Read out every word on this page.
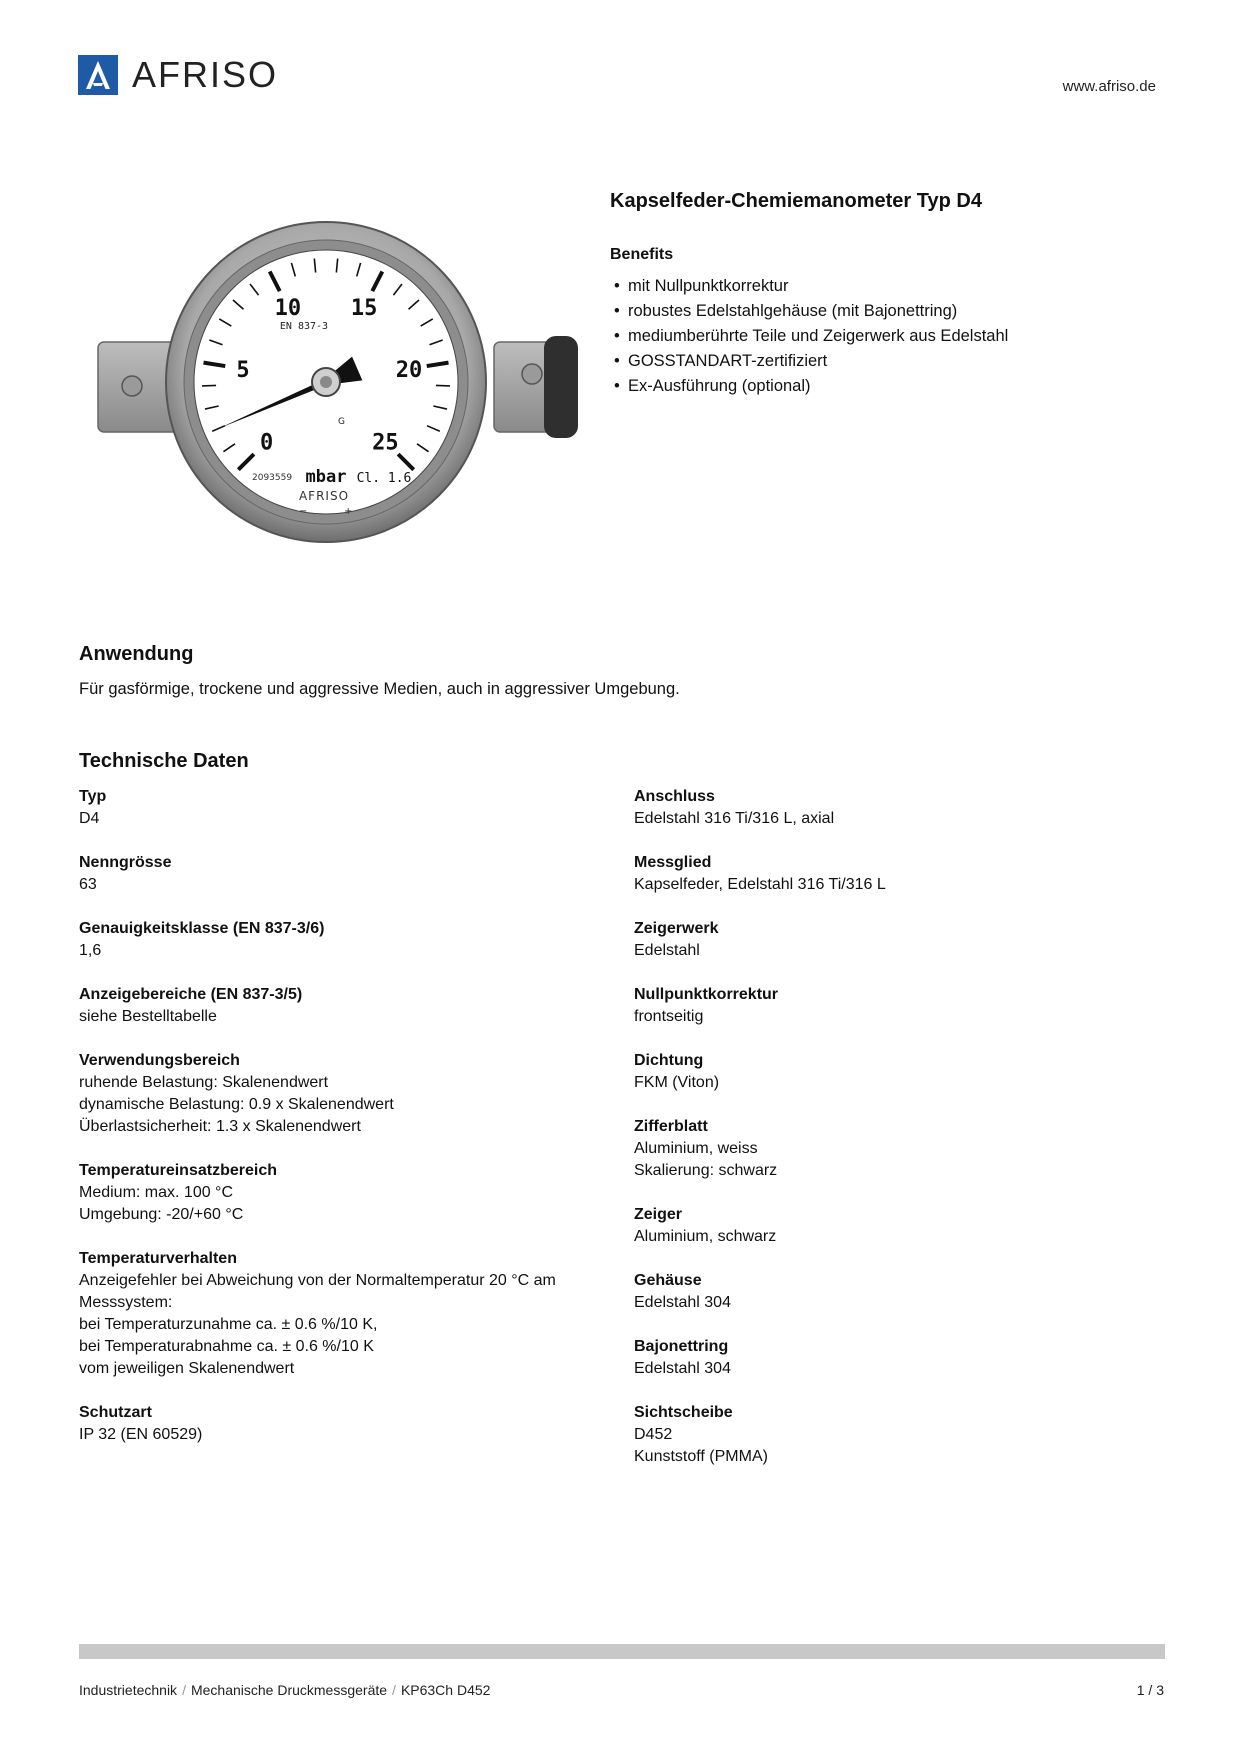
AFRISO	www.afriso.de
0
5
10 15
20
25
EN 837-3
G
2093559 mbar Cl. 1.6
AFRISO
−	+
Kapselfeder-Chemiemanometer Typ D4
Benefits
• mit Nullpunktkorrektur
• robustes Edelstahlgehäuse (mit Bajonettring)
• mediumberührte Teile und Zeigerwerk aus Edelstahl
• GOSSTANDART-zertifiziert
• Ex-Ausführung (optional)
Anwendung

Für gasförmige, trockene und aggressive Medien, auch in aggressiver Umgebung.

Technische Daten
Typ
D4
Nenngrösse
63
Genauigkeitsklasse (EN 837-3/6)
1,6
Anzeigebereiche (EN 837-3/5)
siehe Bestelltabelle
Verwendungsbereich
ruhende Belastung: Skalenendwert
dynamische Belastung: 0.9 x Skalenendwert
Überlastsicherheit: 1.3 x Skalenendwert
Temperatureinsatzbereich
Medium: max. 100 °C
Umgebung: -20/+60 °C
Temperaturverhalten
Anzeigefehler bei Abweichung von der Normaltemperatur 20 °C am
Messsystem:
bei Temperaturzunahme ca. ± 0.6 %/10 K,
bei Temperaturabnahme ca. ± 0.6 %/10 K
vom jeweiligen Skalenendwert
Schutzart
IP 32 (EN 60529)
Anschluss
Edelstahl 316 Ti/316 L, axial
Messglied
Kapselfeder, Edelstahl 316 Ti/316 L
Zeigerwerk
Edelstahl
Nullpunktkorrektur
frontseitig
Dichtung
FKM (Viton)
Zifferblatt
Aluminium, weiss
Skalierung: schwarz
Zeiger
Aluminium, schwarz
Gehäuse
Edelstahl 304
Bajonettring
Edelstahl 304
Sichtscheibe
D452
Kunststoff (PMMA)
Industrietechnik / Mechanische Druckmessgeräte / KP63Ch D452	1 / 3
